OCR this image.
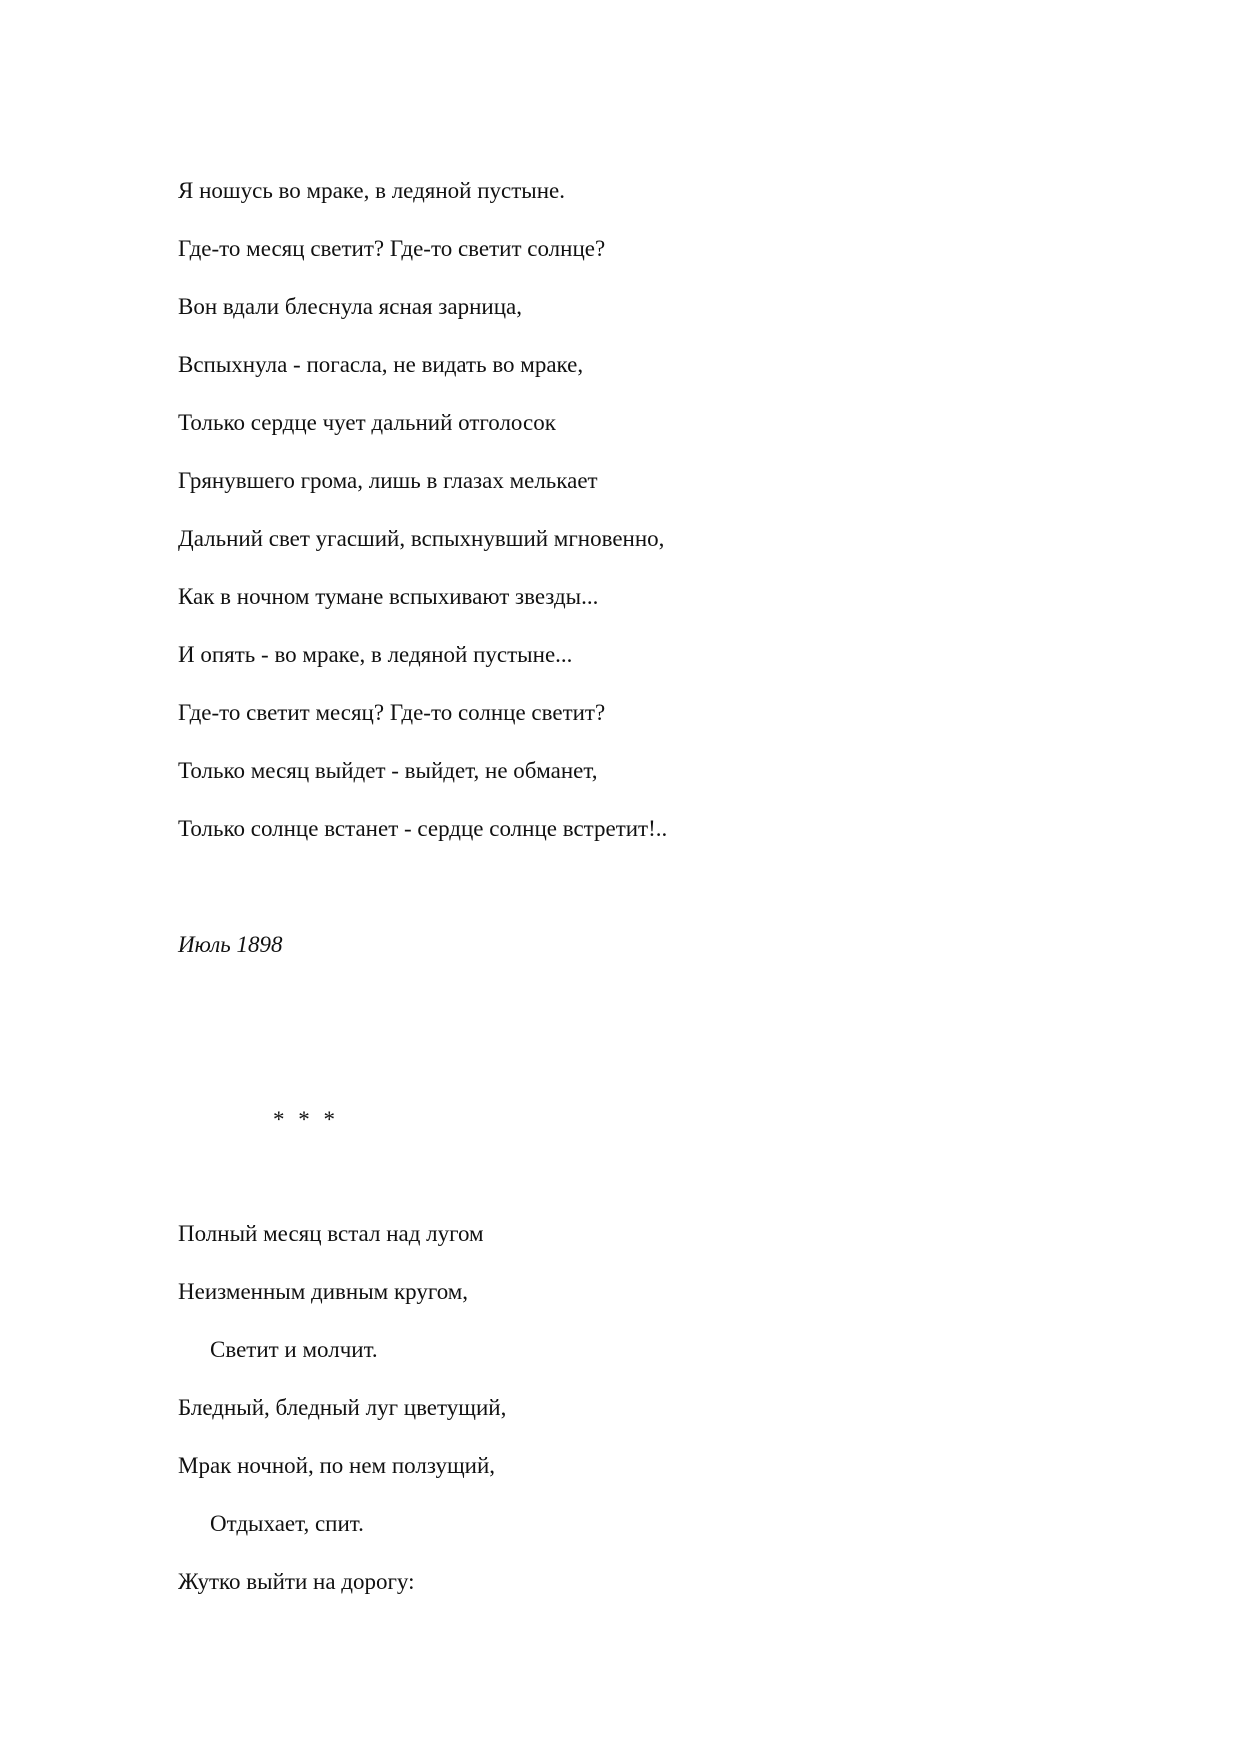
Я ношусь во мраке, в ледяной пустыне.
Где-то месяц светит? Где-то светит солнце?
Вон вдали блеснула ясная зарница,
Вспыхнула - погасла, не видать во мраке,
Только сердце чует дальний отголосок
Грянувшего грома, лишь в глазах мелькает
Дальний свет угасший, вспыхнувший мгновенно,
Как в ночном тумане вспыхивают звезды...
И опять - во мраке, в ледяной пустыне...
Где-то светит месяц? Где-то солнце светит?
Только месяц выйдет - выйдет, не обманет,
Только солнце встанет - сердце солнце встретит!..
Июль 1898
* * *
Полный месяц встал над лугом
Неизменным дивным кругом,
Светит и молчит.
Бледный, бледный луг цветущий,
Мрак ночной, по нем ползущий,
Отдыхает, спит.
Жутко выйти на дорогу:
